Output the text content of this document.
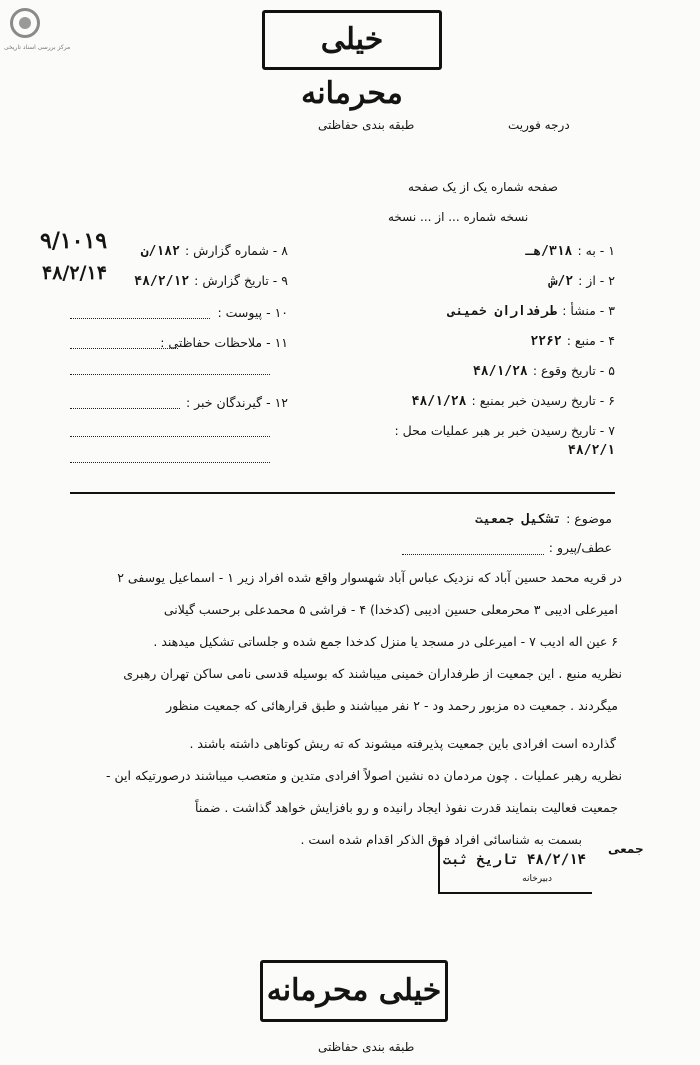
مرکز بررسی اسناد تاریخی	خیلی محرمانه
طبقه بندی حفاظتی	درجه فوریت
صفحه شماره یک از یک صفحه
نسخه شماره ... از ... نسخه
۱ - به : ۳۱۸/هـ
۲ - از : ۲/ش
۳ - منشأ : طرفداران خمینی
۴ - منبع : ۲۲۶۲
۵ - تاریخ وقوع : ۴۸/۱/۲۸
۶ - تاریخ رسیدن خبر بمنبع : ۴۸/۱/۲۸
۷ - تاریخ رسیدن خبر بر هبر عملیات محل : ۴۸/۲/۱
۸ - شماره گزارش : ۱۸۲/ن
۹ - تاریخ گزارش : ۴۸/۲/۱۲
۱۰ - پیوست :
۱۱ - ملاحظات حفاظتی :
۱۲ - گیرندگان خبر :
۹/۱۰۱۹
۴۸/۲/۱۴
موضوع : تشکیل جمعیت
عطف/پیرو :
در قریه محمد حسین آباد که نزدیک عباس آباد شهسوار واقع شده افراد زیر ۱ - اسماعیل یوسفی ۲
امیرعلی ادیبی ۳ محرمعلی حسین ادیبی (کدخدا) ۴ - فراشی ۵ محمدعلی برحسب گیلانی
۶ عین اله ادیب ۷ - امیرعلی در مسجد یا منزل کدخدا جمع شده و جلساتی تشکیل میدهند .
نظریه منبع . این جمعیت از طرفداران خمینی میباشند که بوسیله قدسی نامی ساکن تهران رهبری
میگردند . جمعیت ده مزبور رحمد ود - ۲ نفر میباشند و طبق قرارهائی که جمعیت منظور
گذارده است افرادی باین جمعیت پذیرفته میشوند که ته ریش کوتاهی داشته باشند .
نظریه رهبر عملیات . چون مردمان ده نشین اصولاً افرادی متدین و متعصب میباشند درصورتیکه این -
جمعیت فعالیت بنمایند قدرت نفوذ ایجاد رانیده و رو بافزایش خواهد گذاشت . ضمناً
بسمت به شناسائی افراد فوق الذکر اقدام شده است .
جمعی
۴۸/۲/۱۴ تاریخ ثبت
دبیرخانه
خیلی محرمانه
طبقه بندی حفاظتی
